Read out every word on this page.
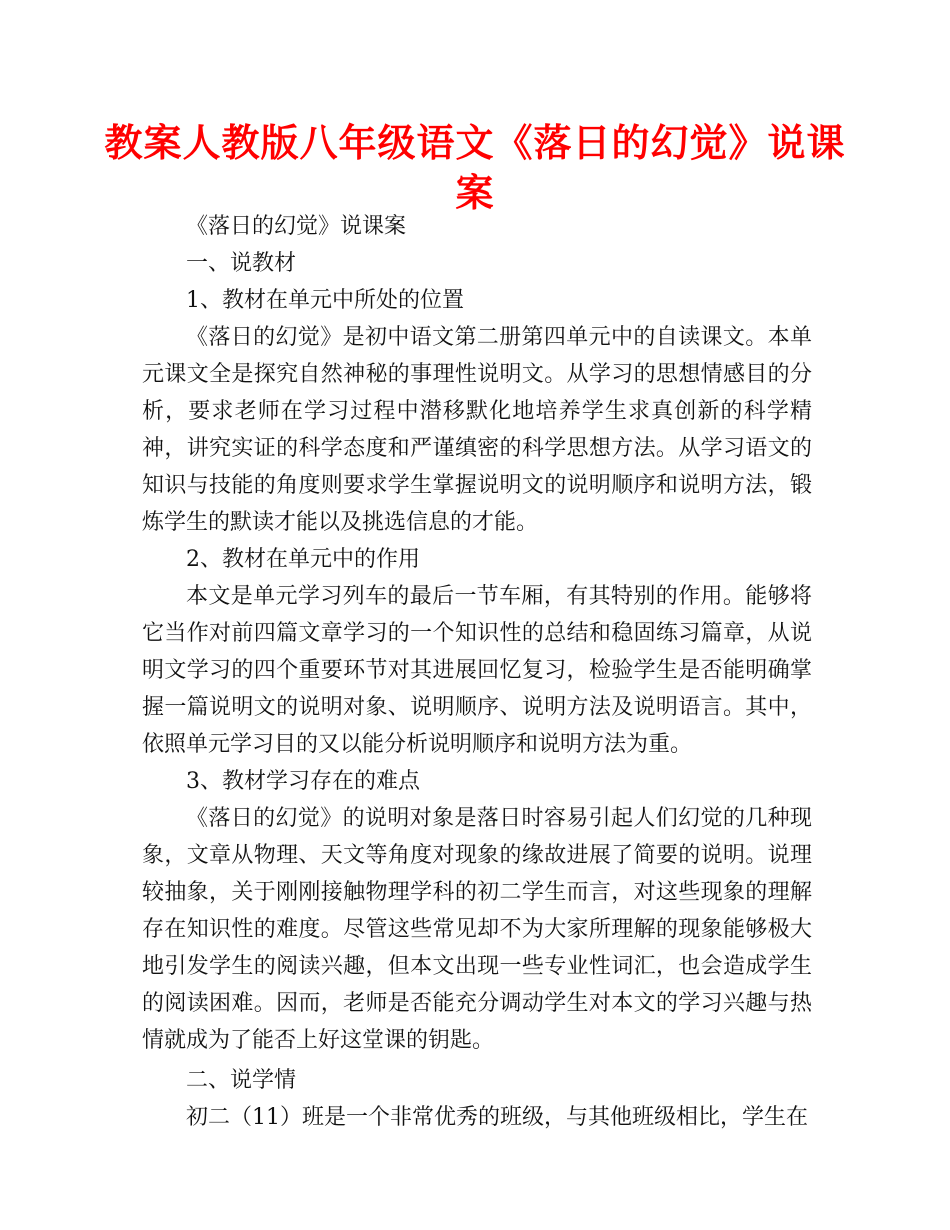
教案人教版八年级语文《落日的幻觉》说课案

《落日的幻觉》说课案

一、说教材

1、教材在单元中所处的位置

《落日的幻觉》是初中语文第二册第四单元中的自读课文。本单元课文全是探究自然神秘的事理性说明文。从学习的思想情感目的分析，要求老师在学习过程中潜移默化地培养学生求真创新的科学精神，讲究实证的科学态度和严谨缜密的科学思想方法。从学习语文的知识与技能的角度则要求学生掌握说明文的说明顺序和说明方法，锻炼学生的默读才能以及挑选信息的才能。

2、教材在单元中的作用

本文是单元学习列车的最后一节车厢，有其特别的作用。能够将它当作对前四篇文章学习的一个知识性的总结和稳固练习篇章，从说明文学习的四个重要环节对其进展回忆复习，检验学生是否能明确掌握一篇说明文的说明对象、说明顺序、说明方法及说明语言。其中，依照单元学习目的又以能分析说明顺序和说明方法为重。

3、教材学习存在的难点

《落日的幻觉》的说明对象是落日时容易引起人们幻觉的几种现象，文章从物理、天文等角度对现象的缘故进展了简要的说明。说理较抽象，关于刚刚接触物理学科的初二学生而言，对这些现象的理解存在知识性的难度。尽管这些常见却不为大家所理解的现象能够极大地引发学生的阅读兴趣，但本文出现一些专业性词汇，也会造成学生的阅读困难。因而，老师是否能充分调动学生对本文的学习兴趣与热情就成为了能否上好这堂课的钥匙。

二、说学情

初二（11）班是一个非常优秀的班级，与其他班级相比，学生在
